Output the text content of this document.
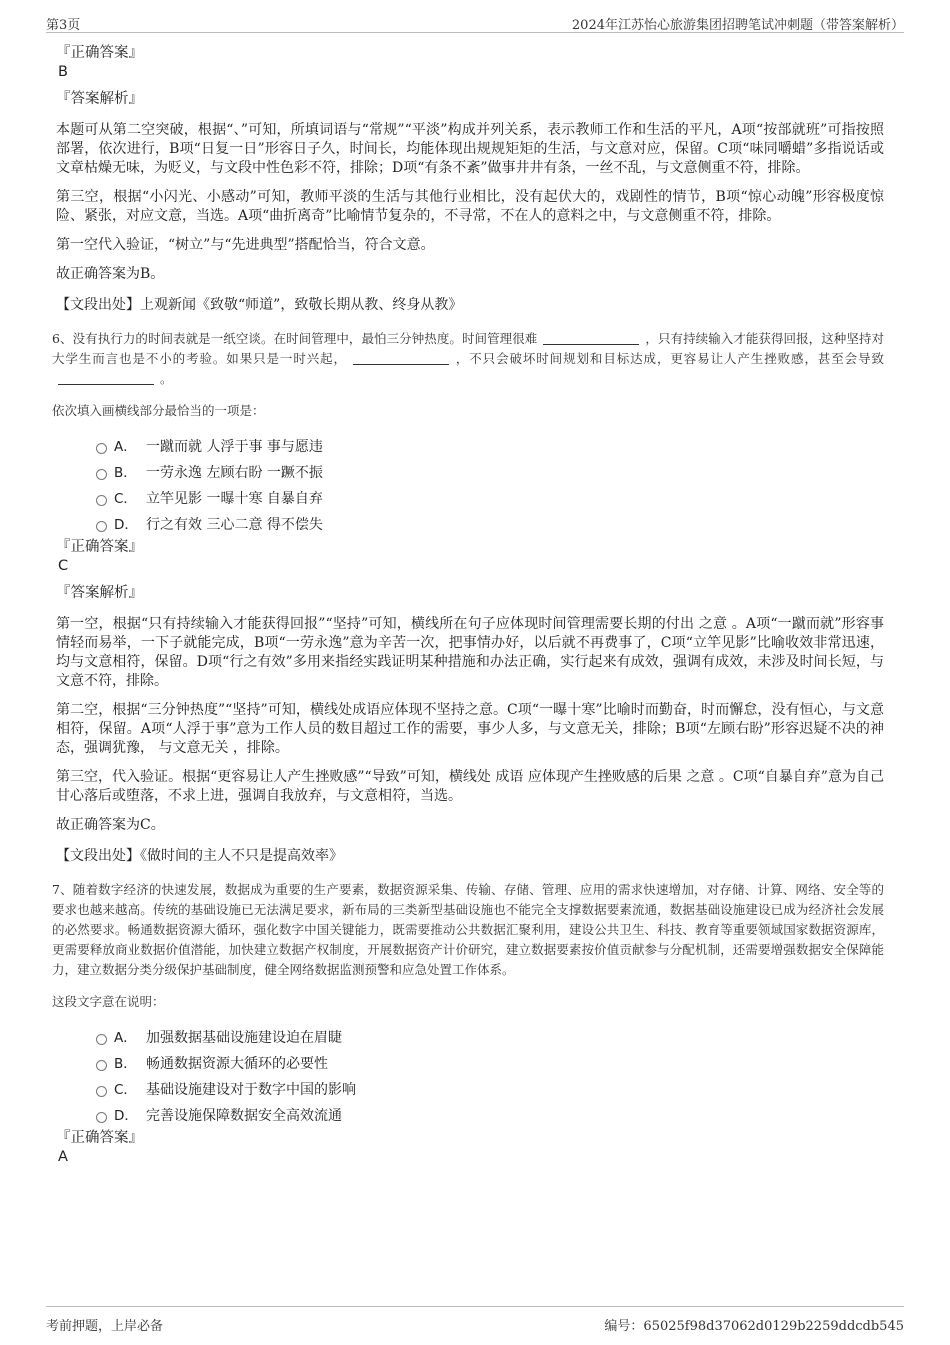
第3页	2024年江苏怡心旅游集团招聘笔试冲刺题（带答案解析）

『正确答案』

B

『答案解析』

本题可从第二空突破，根据“、”可知，所填词语与“常规”“平淡”构成并列关系，表示教师工作和生活的平凡，A项“按部就班”可指按照部署，依次进行，B项“日复一日”形容日子久，时间长，均能体现出规规矩矩的生活，与文意对应，保留。C项“味同嚼蜡”多指说话或文章枯燥无味，为贬义，与文段中性色彩不符，排除；D项“有条不紊”做事井井有条，一丝不乱，与文意侧重不符，排除。

第三空，根据“小闪光、小感动”可知，教师平淡的生活与其他行业相比，没有起伏大的，戏剧性的情节，B项“惊心动魄”形容极度惊险、紧张，对应文意，当选。A项“曲折离奇”比喻情节复杂的，不寻常，不在人的意料之中，与文意侧重不符，排除。

第一空代入验证，“树立”与“先进典型”搭配恰当，符合文意。

故正确答案为B。

【文段出处】上观新闻《致敬“师道”，致敬长期从教、终身从教》

6、没有执行力的时间表就是一纸空谈。在时间管理中，最怕三分钟热度。时间管理很难	，只有持续输入才能获得回报，这种坚持对大学生而言也是不小的考验。如果只是一时兴起，	，不只会破坏时间规划和目标达成，更容易让人产生挫败感，甚至会导致。

依次填入画横线部分最恰当的一项是：

A． 一蹴而就 人浮于事 事与愿违
B． 一劳永逸 左顾右盼 一蹶不振
C． 立竿见影 一曝十寒 自暴自弃
D． 行之有效 三心二意 得不偿失

『正确答案』

C

『答案解析』

第一空，根据“只有持续输入才能获得回报”“坚持”可知，横线所在句子应体现时间管理需要长期的付出 之意 。A项“一蹴而就”形容事情轻而易举，一下子就能完成，B项“一劳永逸”意为辛苦一次，把事情办好，以后就不再费事了，C项“立竿见影”比喻收效非常迅速，均与文意相符，保留。D项“行之有效”多用来指经实践证明某种措施和办法正确，实行起来有成效，强调有成效，未涉及时间长短，与文意不符，排除。

第二空，根据“三分钟热度”“坚持”可知，横线处成语应体现不坚持之意。C项“一曝十寒”比喻时而勤奋，时而懈怠，没有恒心，与文意相符，保留。A项“人浮于事”意为工作人员的数目超过工作的需要，事少人多，与文意无关，排除；B项“左顾右盼”形容迟疑不决的神态，强调犹豫， 与文意无关 ，排除。

第三空，代入验证。根据“更容易让人产生挫败感”“导致”可知，横线处 成语 应体现产生挫败感的后果 之意 。C项“自暴自弃”意为自己甘心落后或堕落，不求上进，强调自我放弃，与文意相符，当选。

故正确答案为C。

【文段出处】《做时间的主人不只是提高效率》

7、随着数字经济的快速发展，数据成为重要的生产要素，数据资源采集、传输、存储、管理、应用的需求快速增加，对存储、计算、网络、安全等的要求也越来越高。传统的基础设施已无法满足要求，新布局的三类新型基础设施也不能完全支撑数据要素流通，数据基础设施建设已成为经济社会发展的必然要求。畅通数据资源大循环，强化数字中国关键能力，既需要推动公共数据汇聚利用，建设公共卫生、科技、教育等重要领域国家数据资源库，更需要释放商业数据价值潜能，加快建立数据产权制度，开展数据资产计价研究，建立数据要素按价值贡献参与分配机制，还需要增强数据安全保障能力，建立数据分类分级保护基础制度，健全网络数据监测预警和应急处置工作体系。

这段文字意在说明：

A． 加强数据基础设施建设迫在眉睫
B． 畅通数据资源大循环的必要性
C． 基础设施建设对于数字中国的影响
D． 完善设施保障数据安全高效流通

『正确答案』

A

考前押题，上岸必备	编号：65025f98d37062d0129b2259ddcdb545
